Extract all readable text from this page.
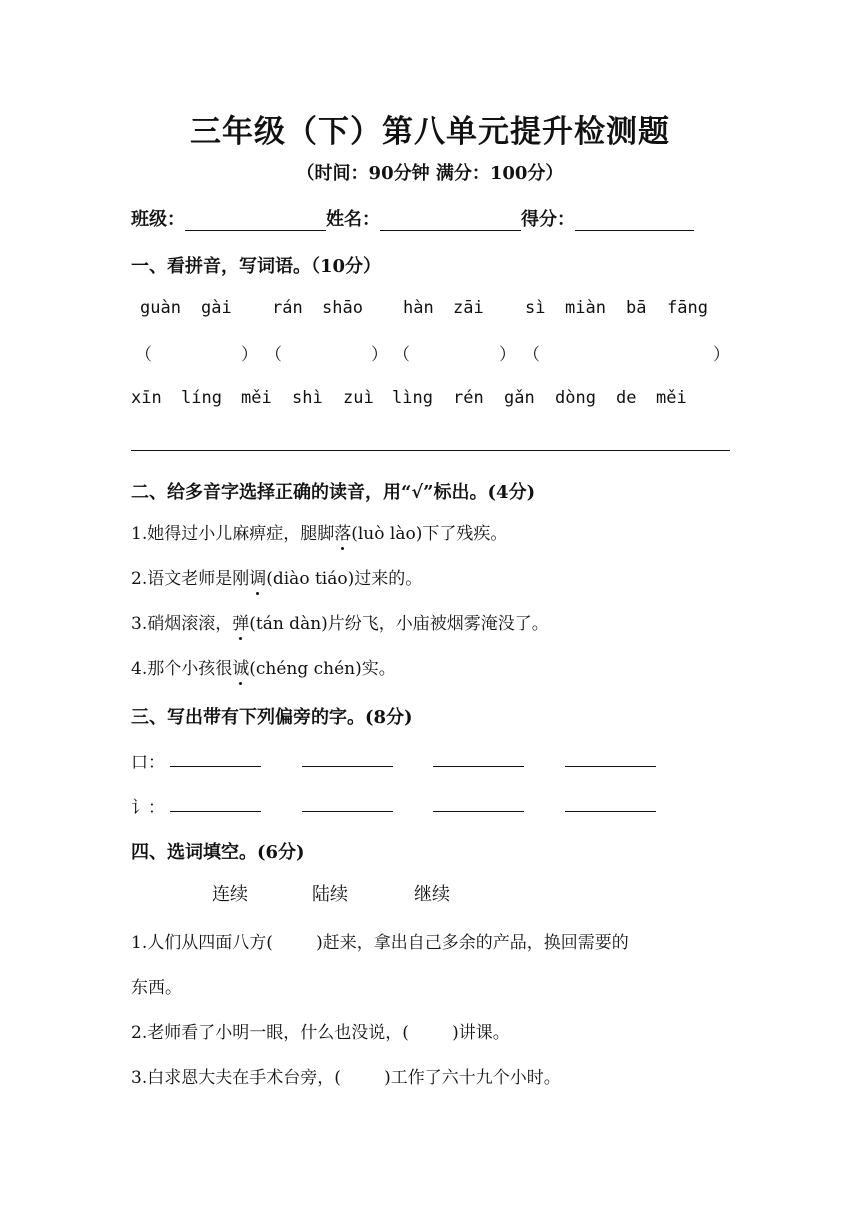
三年级（下）第八单元提升检测题
（时间：90分钟 满分：100分）
班级：	姓名：	得分：
一、看拼音，写词语。（10分）
guàn gài rán shāo hàn zāi sì miàn bā fāng
（	） （	） （	） （	）
xīn líng měi shì zuì lìng rén gǎn dòng de měi
二、给多音字选择正确的读音，用“√”标出。(4分)
1.她得过小儿麻痹症，腿脚落(luò lào)下了残疾。
2.语文老师是刚调(diào tiáo)过来的。
3.硝烟滚滚，弹(tán dàn)片纷飞，小庙被烟雾淹没了。
4.那个小孩很诚(chéng chén)实。
三、写出带有下列偏旁的字。(8分)
口：
讠：
四、选词填空。(6分)
连续	陆续	继续
1.人们从四面八方(        )赶来，拿出自己多余的产品，换回需要的
东西。
2.老师看了小明一眼，什么也没说，(        )讲课。
3.白求恩大夫在手术台旁，(        )工作了六十九个小时。
